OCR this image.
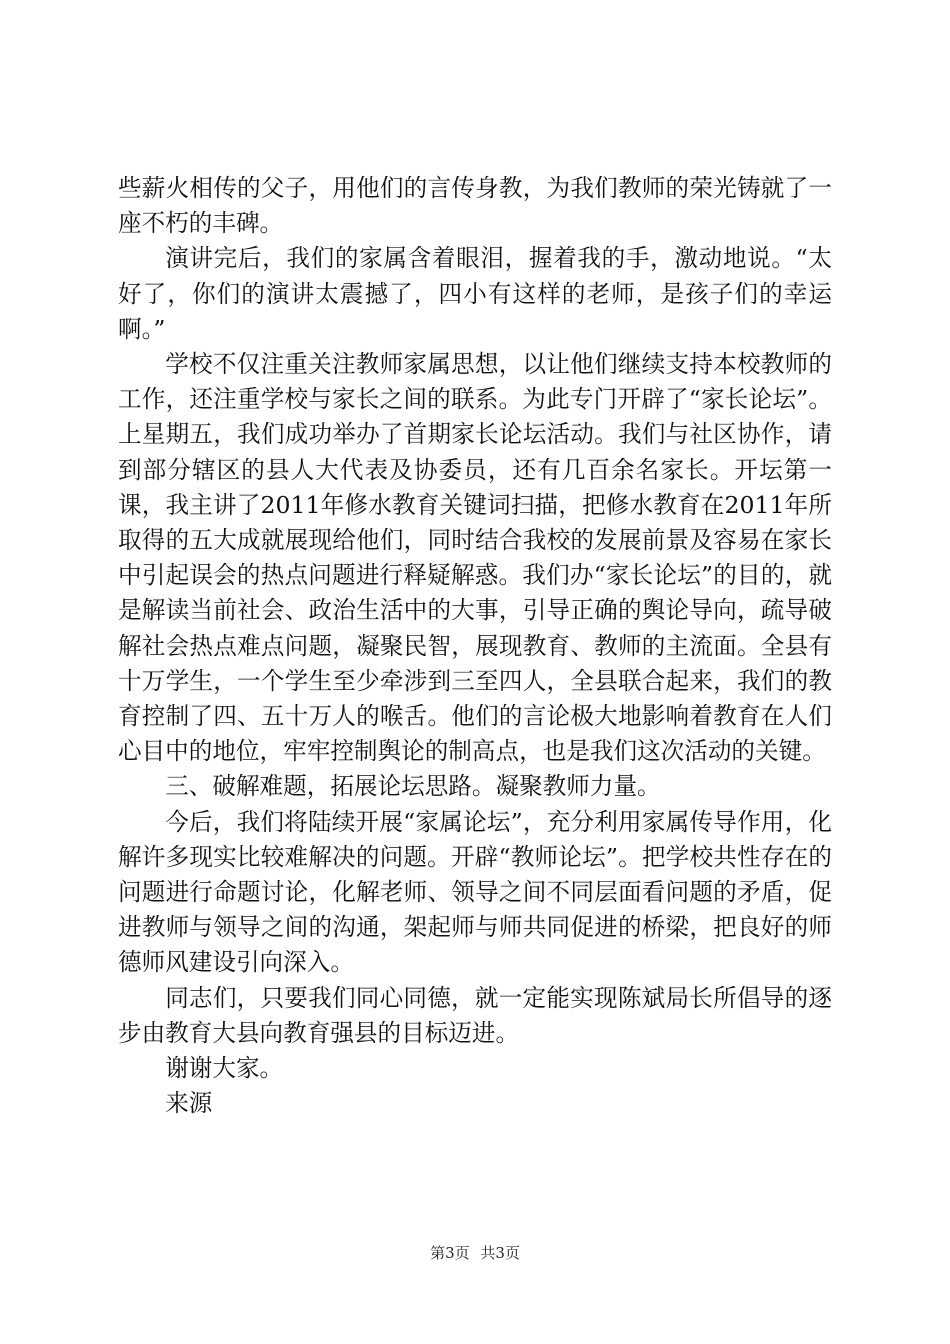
些薪火相传的父子，用他们的言传身教，为我们教师的荣光铸就了一座不朽的丰碑。

演讲完后，我们的家属含着眼泪，握着我的手，激动地说。“太好了，你们的演讲太震撼了，四小有这样的老师，是孩子们的幸运啊。”

学校不仅注重关注教师家属思想，以让他们继续支持本校教师的工作，还注重学校与家长之间的联系。为此专门开辟了“家长论坛”。上星期五，我们成功举办了首期家长论坛活动。我们与社区协作，请到部分辖区的县人大代表及协委员，还有几百余名家长。开坛第一课，我主讲了2011年修水教育关键词扫描，把修水教育在2011年所取得的五大成就展现给他们，同时结合我校的发展前景及容易在家长中引起误会的热点问题进行释疑解惑。我们办“家长论坛”的目的，就是解读当前社会、政治生活中的大事，引导正确的舆论导向，疏导破解社会热点难点问题，凝聚民智，展现教育、教师的主流面。全县有十万学生，一个学生至少牵涉到三至四人，全县联合起来，我们的教育控制了四、五十万人的喉舌。他们的言论极大地影响着教育在人们心目中的地位，牢牢控制舆论的制高点，也是我们这次活动的关键。

三、破解难题，拓展论坛思路。凝聚教师力量。

今后，我们将陆续开展“家属论坛”，充分利用家属传导作用，化解许多现实比较难解决的问题。开辟“教师论坛”。把学校共性存在的问题进行命题讨论，化解老师、领导之间不同层面看问题的矛盾，促进教师与领导之间的沟通，架起师与师共同促进的桥梁，把良好的师德师风建设引向深入。

同志们，只要我们同心同德，就一定能实现陈斌局长所倡导的逐步由教育大县向教育强县的目标迈进。

谢谢大家。

来源

第3页 共3页
